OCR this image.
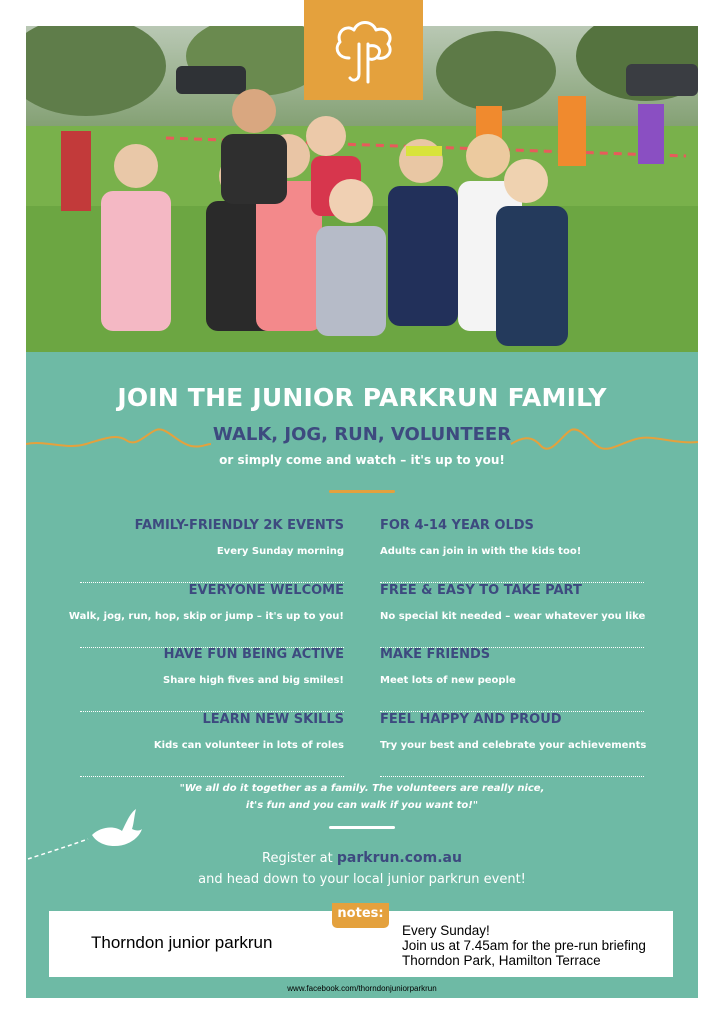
JOIN THE JUNIOR PARKRUN FAMILY
WALK, JOG, RUN, VOLUNTEER
or simply come and watch – it's up to you!
FAMILY-FRIENDLY 2K EVENTS
Every Sunday morning
FOR 4-14 YEAR OLDS
Adults can join in with the kids too!
EVERYONE WELCOME
Walk, jog, run, hop, skip or jump – it's up to you!
FREE & EASY TO TAKE PART
No special kit needed – wear whatever you like
HAVE FUN BEING ACTIVE
Share high fives and big smiles!
MAKE FRIENDS
Meet lots of new people
LEARN NEW SKILLS
Kids can volunteer in lots of roles
FEEL HAPPY AND PROUD
Try your best and celebrate your achievements
"We all do it together as a family. The volunteers are really nice,
it's fun and you can walk if you want to!"
Register at parkrun.com.au
and head down to your local junior parkrun event!
Thorndon junior parkrun
Every Sunday!
Join us at 7.45am for the pre-run briefing
Thorndon Park, Hamilton Terrace
notes:
www.facebook.com/thorndonjuniorparkrun
